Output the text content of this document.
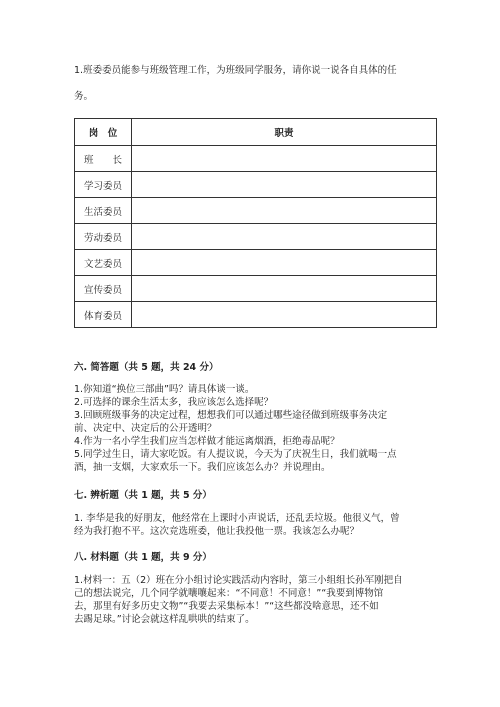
1.班委委员能参与班级管理工作，为班级同学服务，请你说一说各自具体的任
务。
岗　位	职责
班　　长	
学习委员	
生活委员	
劳动委员	
文艺委员	
宣传委员	
体育委员	
六. 简答题（共 5 题，共 24 分）
1.你知道“换位三部曲”吗？请具体谈一谈。
2.可选择的课余生活太多，我应该怎么选择呢？
3.回顾班级事务的决定过程，想想我们可以通过哪些途径做到班级事务决定
前、决定中、决定后的公开透明？
4.作为一名小学生我们应当怎样做才能远离烟酒，拒绝毒品呢？
5.同学过生日，请大家吃饭。有人提议说，今天为了庆祝生日，我们就喝一点
酒，抽一支烟，大家欢乐一下。我们应该怎么办？并说理由。
七. 辨析题（共 1 题，共 5 分）
1. 李华是我的好朋友，他经常在上课时小声说话，还乱丢垃圾。他很义气，曾
经为我打抱不平。这次竞选班委，他让我投他一票。我该怎么办呢？
八. 材料题（共 1 题，共 9 分）
1.材料一：五（2）班在分小组讨论实践活动内容时，第三小组组长孙军刚把自
己的想法说完，几个同学就嚷嚷起来：“不同意！不同意！”“我要到博物馆
去，那里有好多历史文物”“我要去采集标本！”“这些都没啥意思，还不如
去踢足球。”讨论会就这样乱哄哄的结束了。
